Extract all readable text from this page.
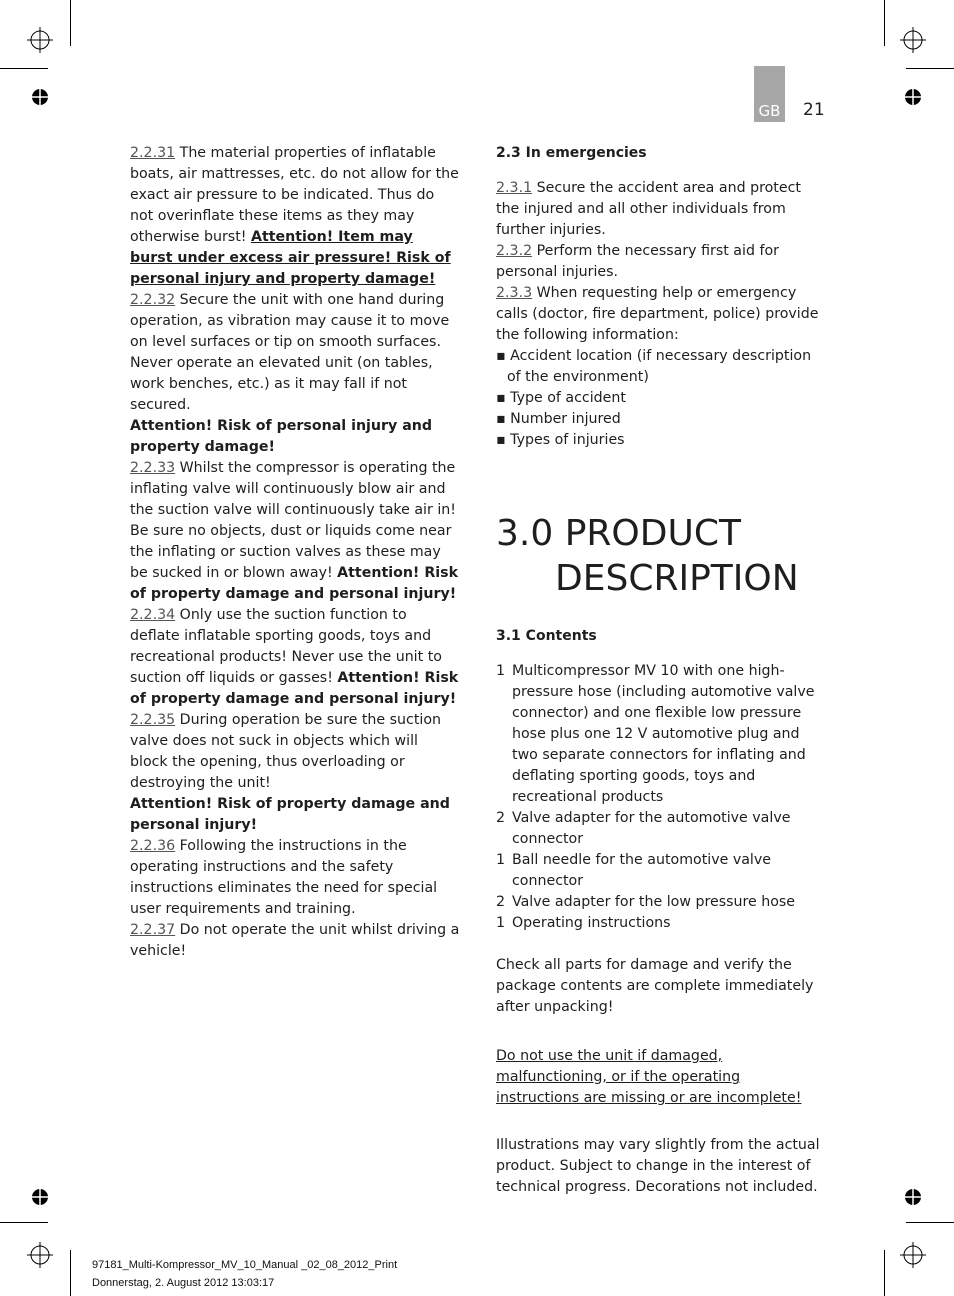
GB 21

2.2.31 The material properties of inflatable boats, air mattresses, etc. do not allow for the exact air pressure to be indicated. Thus do not overinflate these items as they may otherwise burst! Attention! Item may burst under excess air pressure! Risk of personal injury and property damage!

2.2.32 Secure the unit with one hand during operation, as vibration may cause it to move on level surfaces or tip on smooth surfaces. Never operate an elevated unit (on tables, work benches, etc.) as it may fall if not secured.

Attention! Risk of personal injury and property damage!

2.2.33 Whilst the compressor is operating the inflating valve will continuously blow air and the suction valve will continuously take air in! Be sure no objects, dust or liquids come near the inflating or suction valves as these may be sucked in or blown away! Attention! Risk of property damage and personal injury!

2.2.34 Only use the suction function to deflate inflatable sporting goods, toys and recreational products! Never use the unit to suction off liquids or gasses! Attention! Risk of property damage and personal injury!

2.2.35 During operation be sure the suction valve does not suck in objects which will block the opening, thus overloading or destroying the unit!

Attention! Risk of property damage and personal injury!

2.2.36 Following the instructions in the operating instructions and the safety instructions eliminates the need for special user requirements and training.

2.2.37 Do not operate the unit whilst driving a vehicle!

2.3 In emergencies

2.3.1 Secure the accident area and protect the injured and all other individuals from further injuries.

2.3.2 Perform the necessary first aid for personal injuries.

2.3.3 When requesting help or emergency calls (doctor, fire department, police) provide the following information:

▪ Accident location (if necessary description of the environment)
▪ Type of accident
▪ Number injured
▪ Types of injuries
3.0 PRODUCT
DESCRIPTION

3.1 Contents

1 Multicompressor MV 10 with one high-pressure hose (including automotive valve connector) and one flexible low pressure hose plus one 12 V automotive plug and two separate connectors for inflating and deflating sporting goods, toys and recreational products
2 Valve adapter for the automotive valve connector
1 Ball needle for the automotive valve connector
2 Valve adapter for the low pressure hose
1 Operating instructions

Check all parts for damage and verify the package contents are complete immediately after unpacking!

Do not use the unit if damaged, malfunctioning, or if the operating instructions are missing or are incomplete!

Illustrations may vary slightly from the actual product. Subject to change in the interest of technical progress. Decorations not included.

97181_Multi-Kompressor_MV_10_Manual _02_08_2012_Print
Donnerstag, 2. August 2012 13:03:17
